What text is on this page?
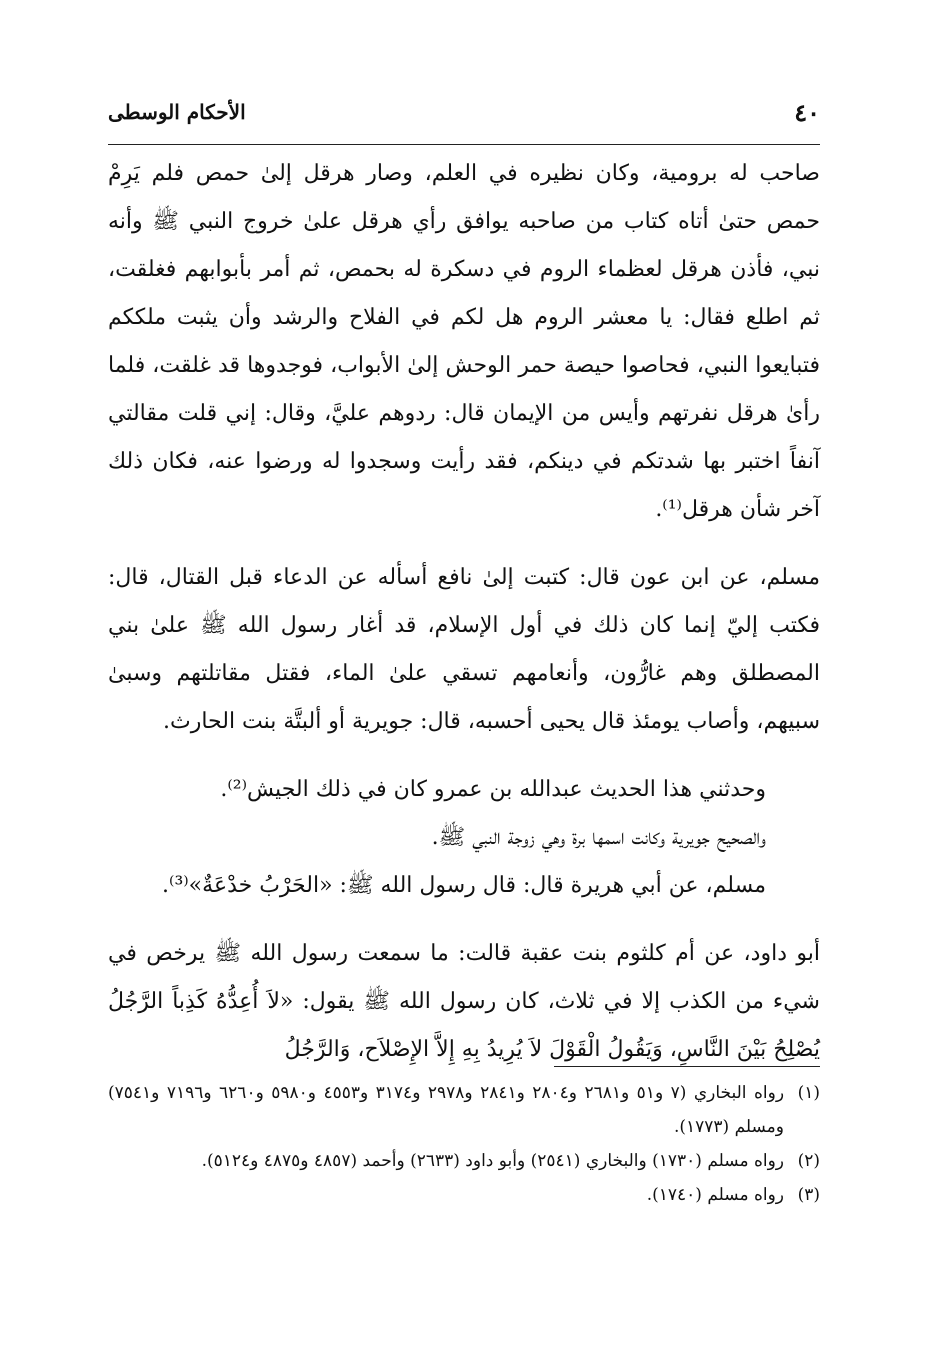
٤٠
الأحكام الوسطى

صاحب له برومية، وكان نظيره في العلم، وصار هرقل إلىٰ حمص فلم يَرِمْ حمص حتىٰ أتاه كتاب من صاحبه يوافق رأي هرقل علىٰ خروج النبي ﷺ وأنه نبي، فأذن هرقل لعظماء الروم في دسكرة له بحمص، ثم أمر بأبوابهم فغلقت، ثم اطلع فقال: يا معشر الروم هل لكم في الفلاح والرشد وأن يثبت ملككم فتبايعوا النبي، فحاصوا حيصة حمر الوحش إلىٰ الأبواب، فوجدوها قد غلقت، فلما رأىٰ هرقل نفرتهم وأيس من الإيمان قال: ردوهم عليَّ، وقال: إني قلت مقالتي آنفاً اختبر بها شدتكم في دينكم، فقد رأيت وسجدوا له ورضوا عنه، فكان ذلك آخر شأن هرقل⁽¹⁾.

مسلم، عن ابن عون قال: كتبت إلىٰ نافع أسأله عن الدعاء قبل القتال، قال: فكتب إليّ إنما كان ذلك في أول الإسلام، قد أغار رسول الله ﷺ علىٰ بني المصطلق وهم غارُّون، وأنعامهم تسقي علىٰ الماء، فقتل مقاتلتهم وسبىٰ سبيهم، وأصاب يومئذ قال يحيى أحسبه، قال: جويرية أو ألبتَّة بنت الحارث.

وحدثني هذا الحديث عبدالله بن عمرو كان في ذلك الجيش⁽²⁾.

والصحيح جويرية وكانت اسمها برة وهي زوجة النبي ﷺ.

مسلم، عن أبي هريرة قال: قال رسول الله ﷺ: «الحَرْبُ خدْعَةٌ»⁽³⁾.

أبو داود، عن أم كلثوم بنت عقبة قالت: ما سمعت رسول الله ﷺ يرخص في شيء من الكذب إلا في ثلاث، كان رسول الله ﷺ يقول: «لاَ أُعِدُّهُ كَذِباً الرَّجُلُ يُصْلِحُ بَيْنَ النَّاسِ، وَيَقُولُ الْقَوْلَ لاَ يُرِيدُ بِهِ إِلاَّ الإِصْلاَح، وَالرَّجُلُ

(١)
رواه البخاري (٧ و٥١ و٢٦٨١ و٢٨٠٤ و٢٨٤١ و٢٩٧٨ و٣١٧٤ و٤٥٥٣ و٥٩٨٠ و٦٢٦٠ و٧١٩٦ و٧٥٤١) ومسلم (١٧٧٣).

(٢)
رواه مسلم (١٧٣٠) والبخاري (٢٥٤١) وأبو داود (٢٦٣٣) وأحمد (٤٨٥٧ و٤٨٧٥ و٥١٢٤).

(٣)
رواه مسلم (١٧٤٠).
